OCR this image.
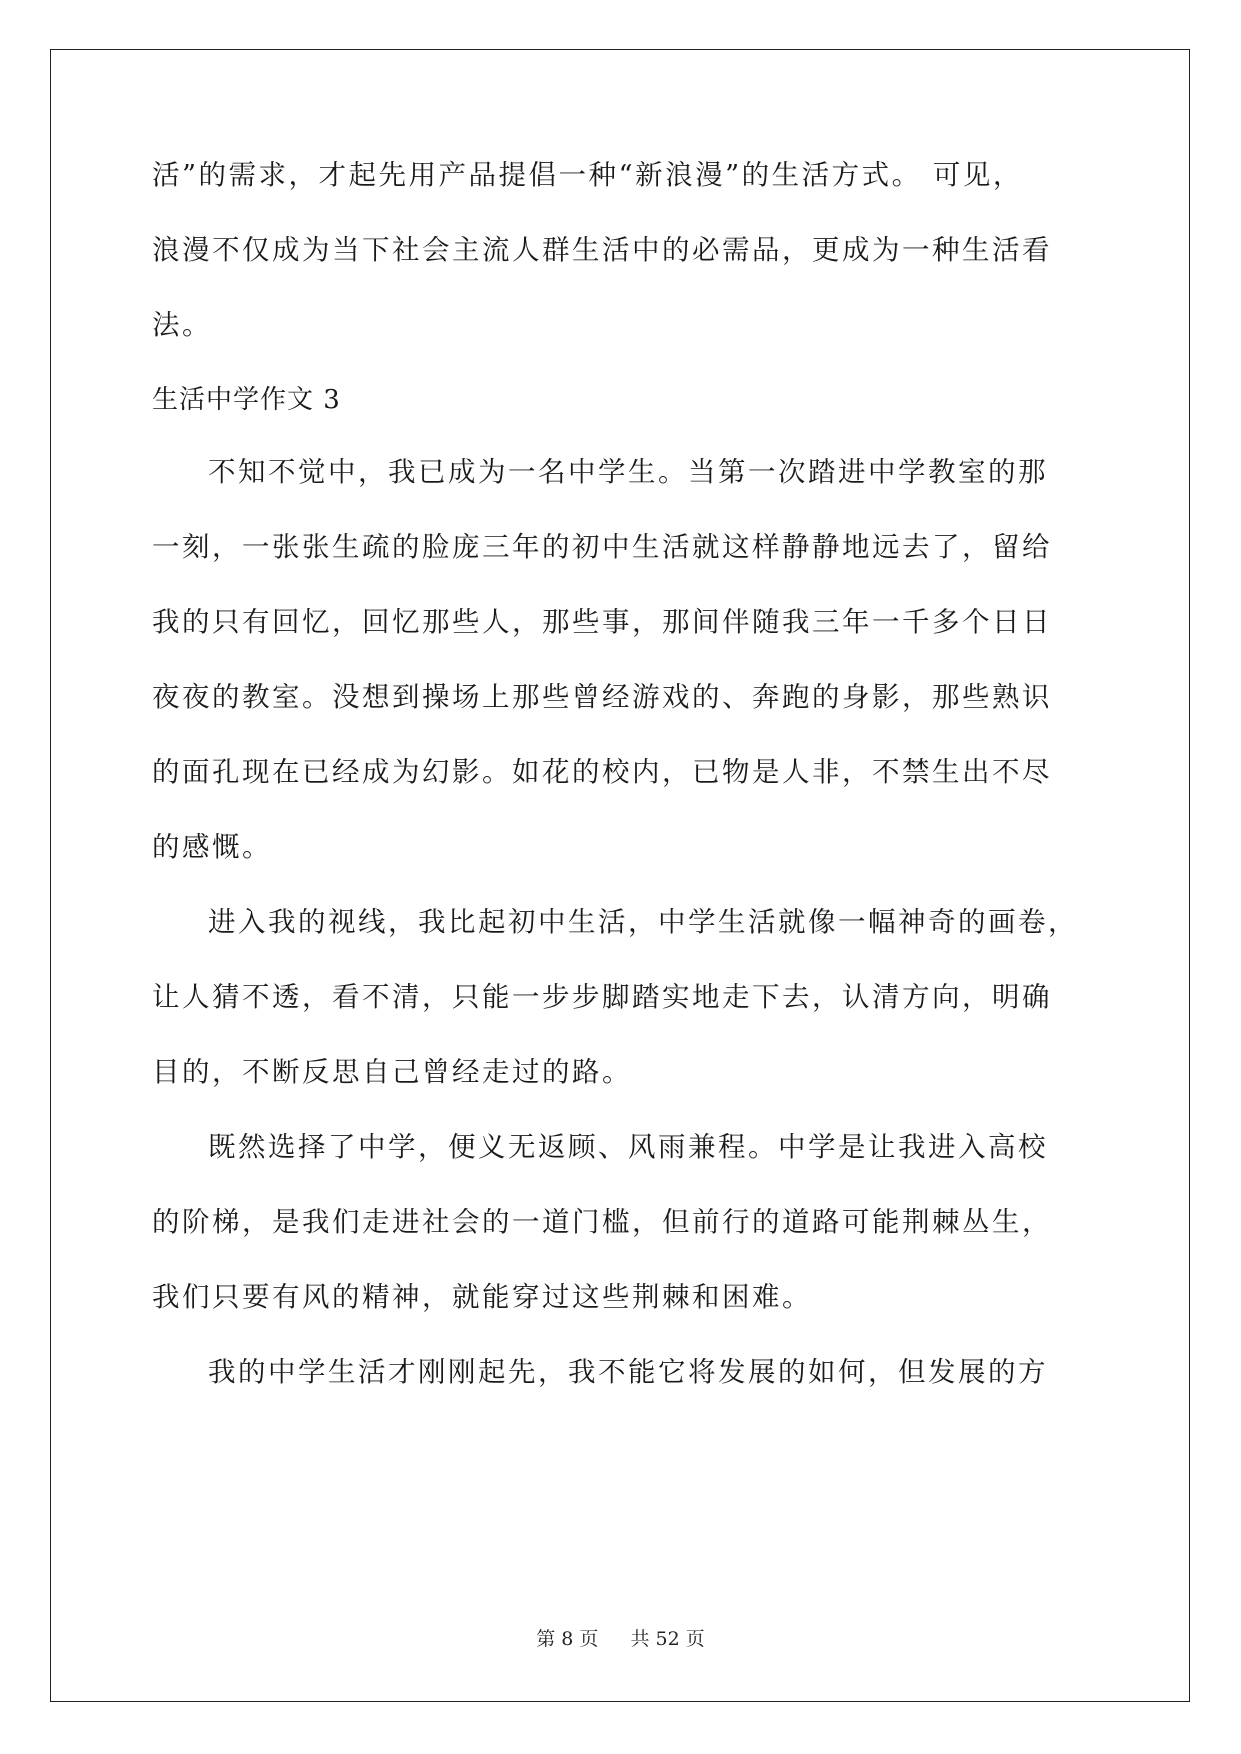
活”的需求，才起先用产品提倡一种“新浪漫”的生活方式。 可见，
浪漫不仅成为当下社会主流人群生活中的必需品，更成为一种生活看
法。
生活中学作文 3
不知不觉中，我已成为一名中学生。当第一次踏进中学教室的那
一刻，一张张生疏的脸庞三年的初中生活就这样静静地远去了，留给
我的只有回忆，回忆那些人，那些事，那间伴随我三年一千多个日日
夜夜的教室。没想到操场上那些曾经游戏的、奔跑的身影，那些熟识
的面孔现在已经成为幻影。如花的校内，已物是人非，不禁生出不尽
的感慨。
进入我的视线，我比起初中生活，中学生活就像一幅神奇的画卷，
让人猜不透，看不清，只能一步步脚踏实地走下去，认清方向，明确
目的，不断反思自己曾经走过的路。
既然选择了中学，便义无返顾、风雨兼程。中学是让我进入高校
的阶梯，是我们走进社会的一道门槛，但前行的道路可能荆棘丛生，
我们只要有风的精神，就能穿过这些荆棘和困难。
我的中学生活才刚刚起先，我不能它将发展的如何，但发展的方
第 8 页 共 52 页
